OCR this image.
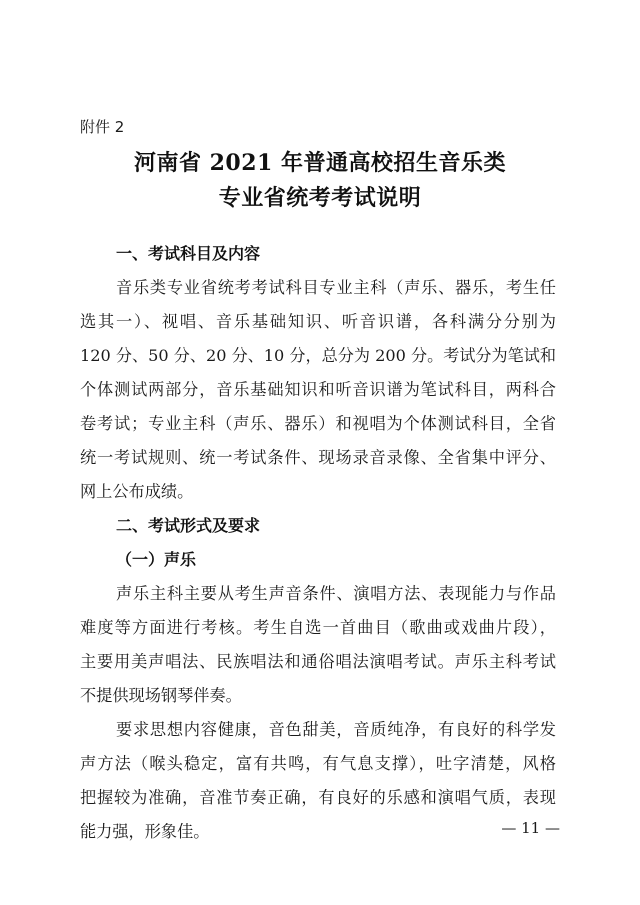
附件 2
河南省 2021 年普通高校招生音乐类
专业省统考考试说明
一、考试科目及内容
音乐类专业省统考考试科目专业主科（声乐、器乐，考生任
选其一）、视唱、音乐基础知识、听音识谱，各科满分分别为
120 分、50 分、20 分、10 分，总分为 200 分。考试分为笔试和
个体测试两部分，音乐基础知识和听音识谱为笔试科目，两科合
卷考试；专业主科（声乐、器乐）和视唱为个体测试科目，全省
统一考试规则、统一考试条件、现场录音录像、全省集中评分、
网上公布成绩。
二、考试形式及要求
（一）声乐
声乐主科主要从考生声音条件、演唱方法、表现能力与作品
难度等方面进行考核。考生自选一首曲目（歌曲或戏曲片段），
主要用美声唱法、民族唱法和通俗唱法演唱考试。声乐主科考试
不提供现场钢琴伴奏。
要求思想内容健康，音色甜美，音质纯净，有良好的科学发
声方法（喉头稳定，富有共鸣，有气息支撑），吐字清楚，风格
把握较为准确，音准节奏正确，有良好的乐感和演唱气质，表现
能力强，形象佳。	— 11 —
